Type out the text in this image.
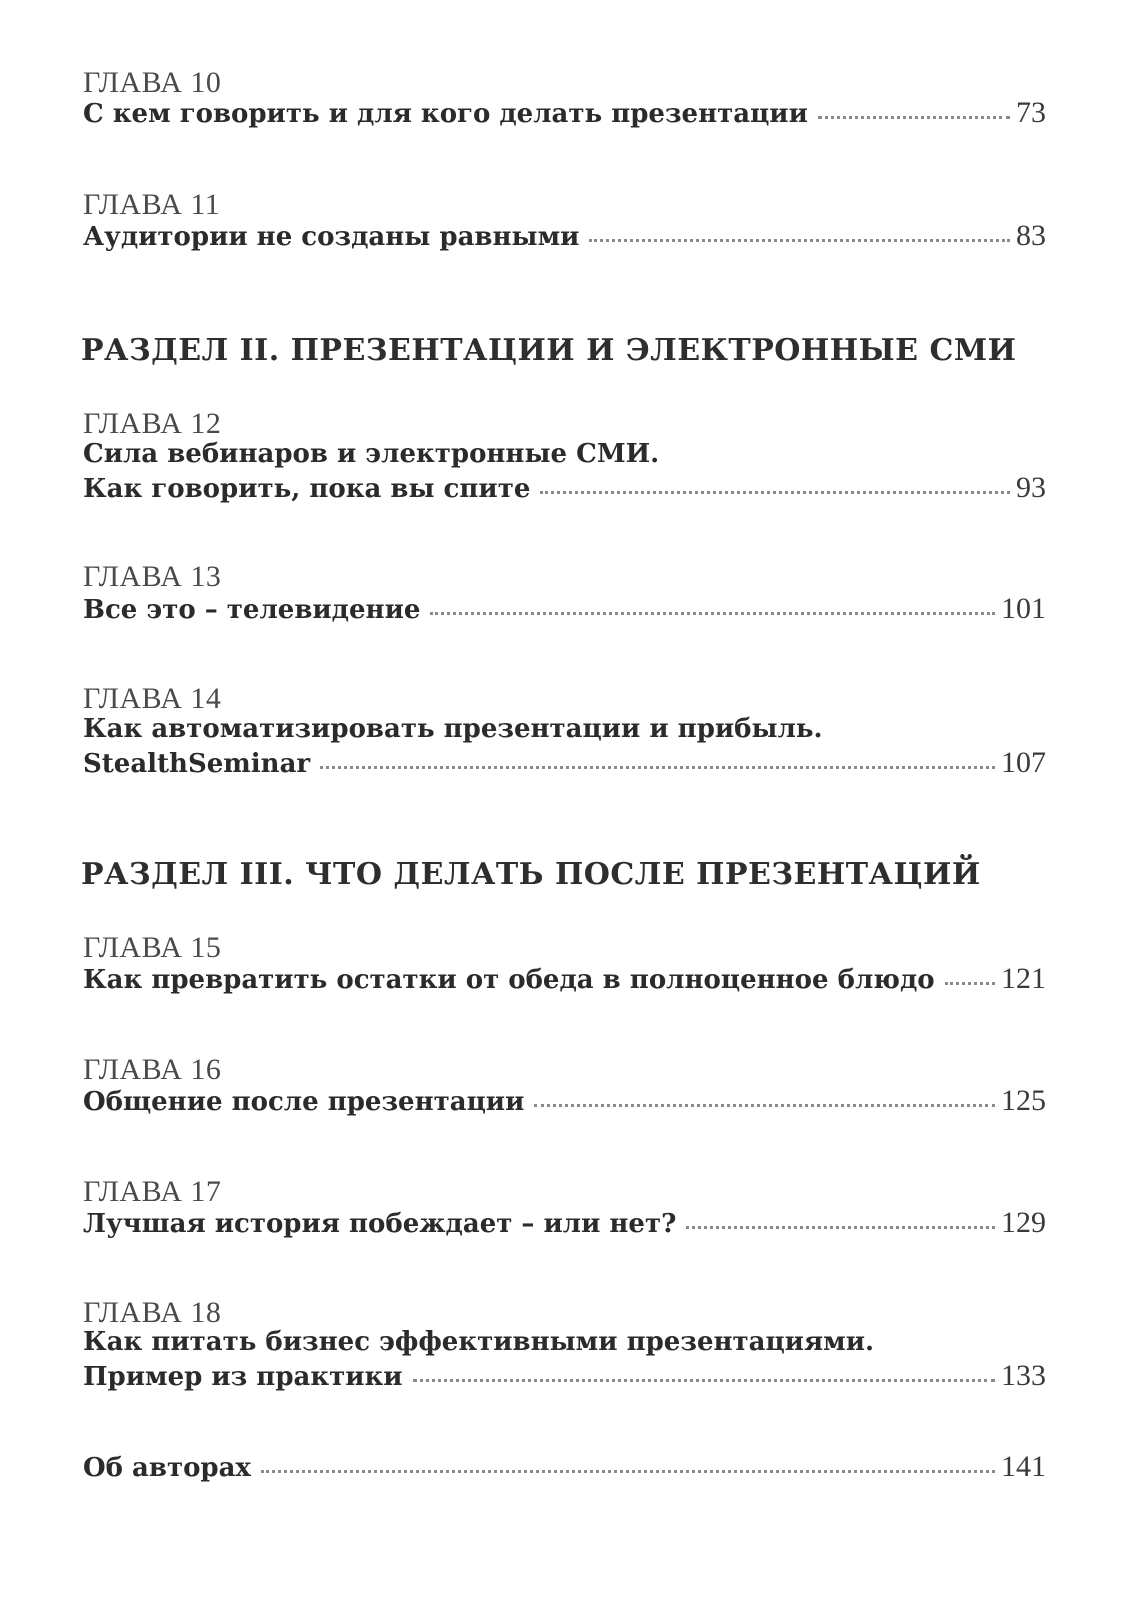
ГЛАВА 10
С кем говорить и для кого делать презентации	73
ГЛАВА 11
Аудитории не созданы равными	83
РАЗДЕЛ II. ПРЕЗЕНТАЦИИ И ЭЛЕКТРОННЫЕ СМИ
ГЛАВА 12
Сила вебинаров и электронные СМИ.
Как говорить, пока вы спите	93
ГЛАВА 13
Все это – телевидение	101
ГЛАВА 14
Как автоматизировать презентации и прибыль.
StealthSeminar	107
РАЗДЕЛ III. ЧТО ДЕЛАТЬ ПОСЛЕ ПРЕЗЕНТАЦИЙ
ГЛАВА 15
Как превратить остатки от обеда в полноценное блюдо 121
ГЛАВА 16
Общение после презентации	125
ГЛАВА 17
Лучшая история побеждает – или нет?	129
ГЛАВА 18
Как питать бизнес эффективными презентациями.
Пример из практики	133
Об авторах	141
